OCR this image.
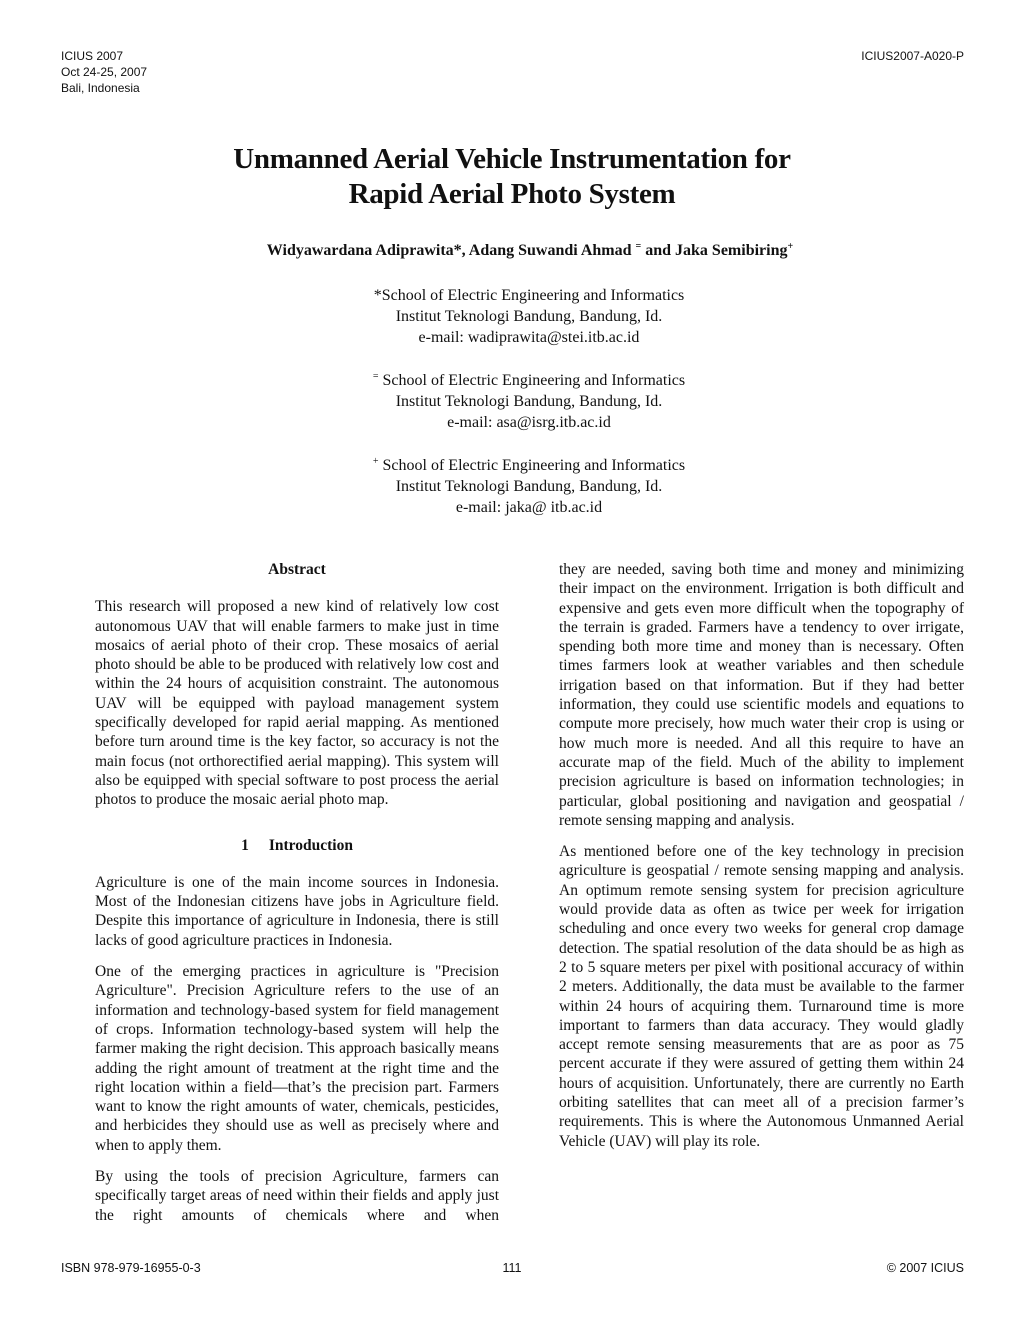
ICIUS 2007
Oct 24-25, 2007
Bali, Indonesia
ICIUS2007-A020-P
Unmanned Aerial Vehicle Instrumentation for
Rapid Aerial Photo System
Widyawardana Adiprawita*, Adang Suwandi Ahmad = and Jaka Semibiring+
*School of Electric Engineering and Informatics
Institut Teknologi Bandung, Bandung, Id.
e-mail: wadiprawita@stei.itb.ac.id
= School of Electric Engineering and Informatics
Institut Teknologi Bandung, Bandung, Id.
e-mail: asa@isrg.itb.ac.id
+ School of Electric Engineering and Informatics
Institut Teknologi Bandung, Bandung, Id.
e-mail: jaka@ itb.ac.id
Abstract

This research will proposed a new kind of relatively low cost autonomous UAV that will enable farmers to make just in time mosaics of aerial photo of their crop. These mosaics of aerial photo should be able to be produced with relatively low cost and within the 24 hours of acquisition constraint. The autonomous UAV will be equipped with payload management system specifically developed for rapid aerial mapping. As mentioned before turn around time is the key factor, so accuracy is not the main focus (not orthorectified aerial mapping). This system will also be equipped with special software to post process the aerial photos to produce the mosaic aerial photo map.

1 Introduction

Agriculture is one of the main income sources in Indonesia. Most of the Indonesian citizens have jobs in Agriculture field. Despite this importance of agriculture in Indonesia, there is still lacks of good agriculture practices in Indonesia.

One of the emerging practices in agriculture is "Precision Agriculture". Precision Agriculture refers to the use of an information and technology-based system for field management of crops. Information technology-based system will help the farmer making the right decision. This approach basically means adding the right amount of treatment at the right time and the right location within a field—that’s the precision part. Farmers want to know the right amounts of water, chemicals, pesticides, and herbicides they should use as well as precisely where and when to apply them.

By using the tools of precision Agriculture, farmers can specifically target areas of need within their fields and apply just the right amounts of chemicals where and when

they are needed, saving both time and money and minimizing their impact on the environment. Irrigation is both difficult and expensive and gets even more difficult when the topography of the terrain is graded. Farmers have a tendency to over irrigate, spending both more time and money than is necessary. Often times farmers look at weather variables and then schedule irrigation based on that information. But if they had better information, they could use scientific models and equations to compute more precisely, how much water their crop is using or how much more is needed. And all this require to have an accurate map of the field. Much of the ability to implement precision agriculture is based on information technologies; in particular, global positioning and navigation and geospatial / remote sensing mapping and analysis.

As mentioned before one of the key technology in precision agriculture is geospatial / remote sensing mapping and analysis. An optimum remote sensing system for precision agriculture would provide data as often as twice per week for irrigation scheduling and once every two weeks for general crop damage detection. The spatial resolution of the data should be as high as 2 to 5 square meters per pixel with positional accuracy of within 2 meters. Additionally, the data must be available to the farmer within 24 hours of acquiring them. Turnaround time is more important to farmers than data accuracy. They would gladly accept remote sensing measurements that are as poor as 75 percent accurate if they were assured of getting them within 24 hours of acquisition. Unfortunately, there are currently no Earth orbiting satellites that can meet all of a precision farmer’s requirements. This is where the Autonomous Unmanned Aerial Vehicle (UAV) will play its role.

ISBN 978-979-16955-0-3	111	© 2007 ICIUS
